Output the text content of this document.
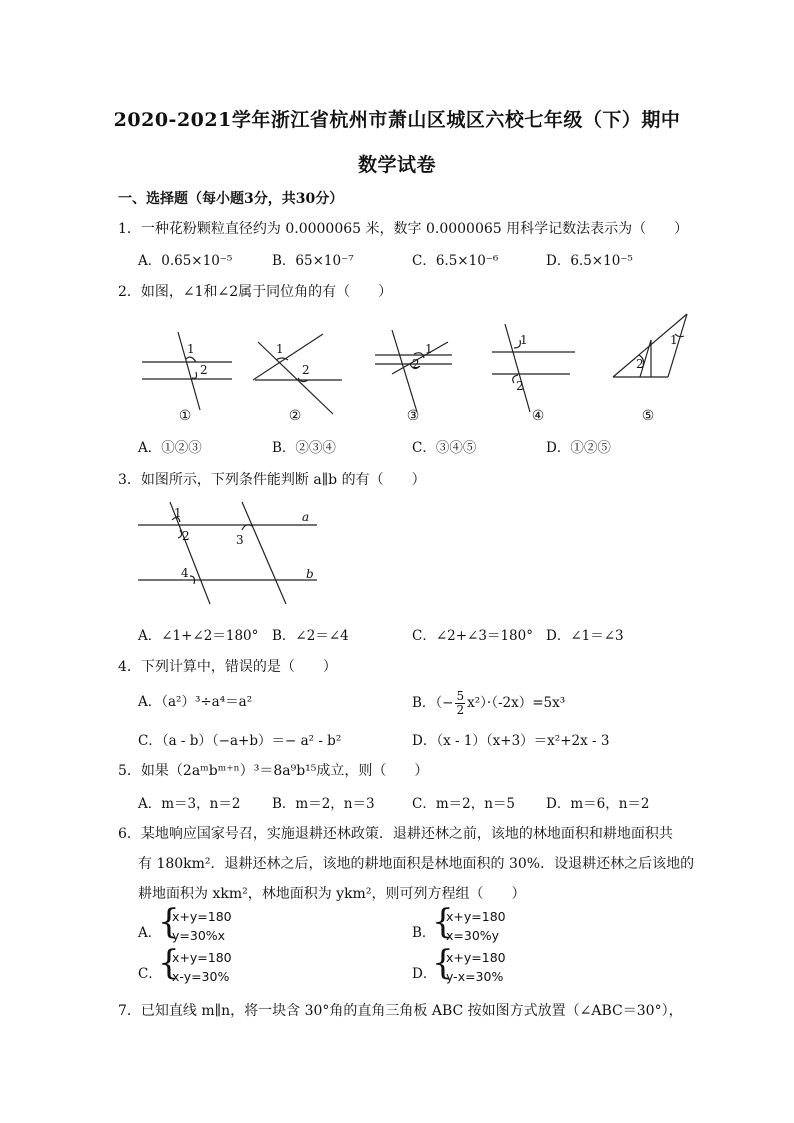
2020-2021学年浙江省杭州市萧山区城区六校七年级（下）期中
数学试卷
一、选择题（每小题3分，共30分）
1．一种花粉颗粒直径约为 0.0000065 米，数字 0.0000065 用科学记数法表示为（　　）
A．0.65×10⁻⁵	B．65×10⁻⁷	C．6.5×10⁻⁶	D．6.5×10⁻⁵
2．如图，∠1和∠2属于同位角的有（　　）
1
2
1
2
1
2
1
2
2
1
①	②	③	④	⑤
A．①②③	B．②③④	C．③④⑤	D．①②⑤
3．如图所示，下列条件能判断 a∥b 的有（　　）
1
2	3
4
a
b
A．∠1+∠2＝180° B．∠2＝∠4	C．∠2+∠3＝180° D．∠1＝∠3
4．下列计算中，错误的是（　　）
A．（a²）³÷a⁴＝a²	B．（− $\frac{5}{2} x^2)\cdot(-2x)=5x^3$
C．（a - b）（−a+b）＝− a² - b²	D．（x - 1）（x+3）＝x²+2x - 3
5．如果（2aᵐbᵐ⁺ⁿ）³＝8a⁹b¹⁵成立，则（　　）
A．m＝3，n＝2 B．m＝2，n＝3	C．m＝2，n＝5 D．m＝6，n＝2
6．某地响应国家号召，实施退耕还林政策．退耕还林之前，该地的林地面积和耕地面积共
有 180km²．退耕还林之后，该地的耕地面积是林地面积的 30%．设退耕还林之后该地的
耕地面积为 xkm²，林地面积为 ykm²，则可列方程组（　　）
A．
{
x+y=180
y=30%x	B．
{
x+y=180
x=30%y
C．
{
x+y=180
x-y=30%	D．
{
x+y=180
y-x=30%
7．已知直线 m∥n，将一块含 30°角的直角三角板 ABC 按如图方式放置（∠ABC＝30°），
